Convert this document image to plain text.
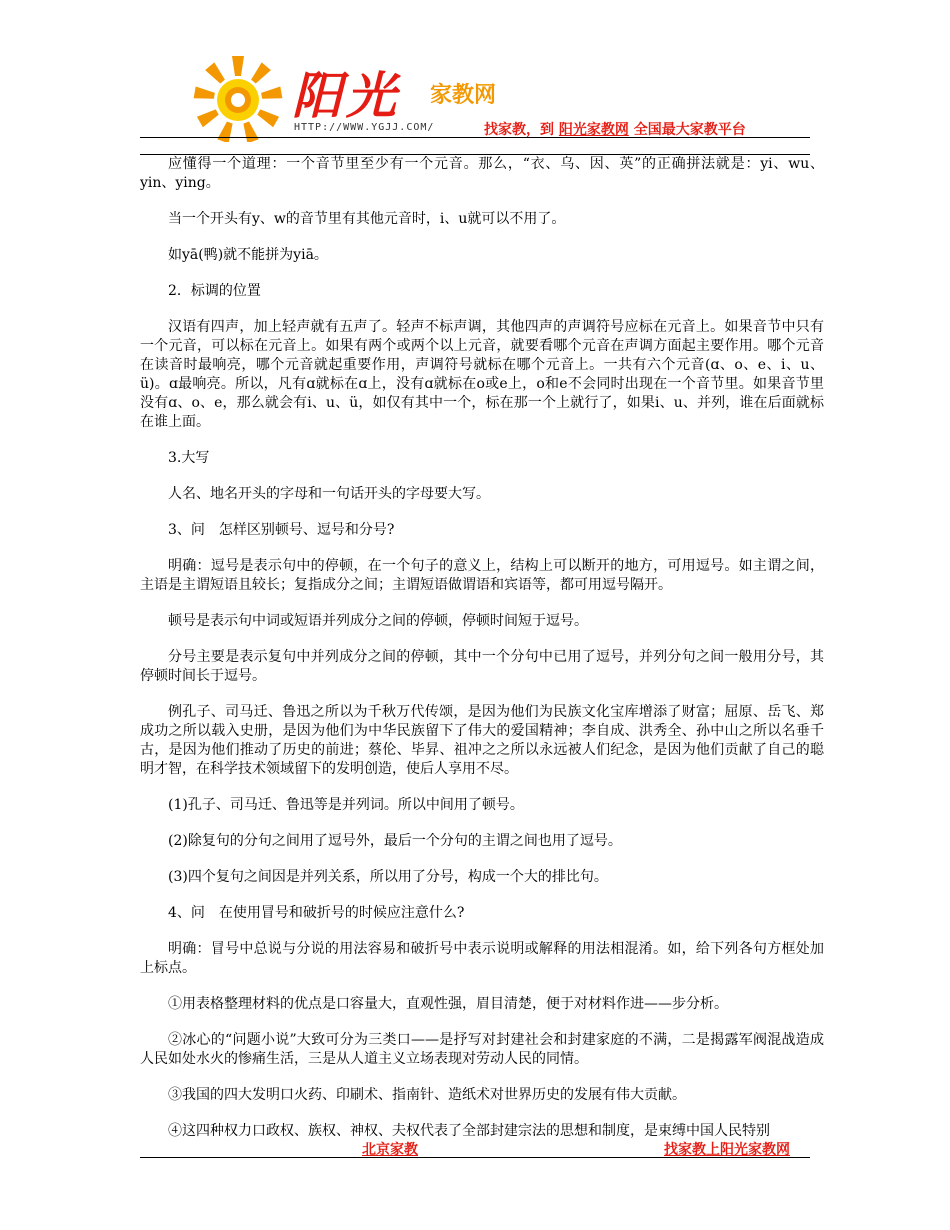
阳光 家教网
HTTP://WWW.YGJJ.COM/	找家教，到 阳光家教网 全国最大家教平台

应懂得一个道理：一个音节里至少有一个元音。那么，“衣、乌、因、英”的正确拼法就是：yi、wu、yin、ying。

当一个开头有y、w的音节里有其他元音时，i、u就可以不用了。

如yā(鸭)就不能拼为yiā。

2．标调的位置

汉语有四声，加上轻声就有五声了。轻声不标声调，其他四声的声调符号应标在元音上。如果音节中只有一个元音，可以标在元音上。如果有两个或两个以上元音，就要看哪个元音在声调方面起主要作用。哪个元音在读音时最响亮，哪个元音就起重要作用，声调符号就标在哪个元音上。一共有六个元音(ɑ、o、e、i、u、ü)。ɑ最响亮。所以，凡有ɑ就标在ɑ上，没有ɑ就标在o或e上，o和e不会同时出现在一个音节里。如果音节里没有ɑ、o、e，那么就会有i、u、ü，如仅有其中一个，标在那一个上就行了，如果i、u、并列，谁在后面就标在谁上面。

3.大写

人名、地名开头的字母和一句话开头的字母要大写。

3、问　怎样区别顿号、逗号和分号?

明确：逗号是表示句中的停顿，在一个句子的意义上，结构上可以断开的地方，可用逗号。如主谓之间，主语是主谓短语且较长；复指成分之间；主谓短语做谓语和宾语等，都可用逗号隔开。

顿号是表示句中词或短语并列成分之间的停顿，停顿时间短于逗号。

分号主要是表示复句中并列成分之间的停顿，其中一个分句中已用了逗号，并列分句之间一般用分号，其停顿时间长于逗号。

例孔子、司马迁、鲁迅之所以为千秋万代传颂，是因为他们为民族文化宝库增添了财富；屈原、岳飞、郑成功之所以载入史册，是因为他们为中华民族留下了伟大的爱国精神；李自成、洪秀全、孙中山之所以名垂千古，是因为他们推动了历史的前进；蔡伦、毕昇、祖冲之之所以永远被人们纪念，是因为他们贡献了自己的聪明才智，在科学技术领域留下的发明创造，使后人享用不尽。

(1)孔子、司马迁、鲁迅等是并列词。所以中间用了顿号。

(2)除复句的分句之间用了逗号外，最后一个分句的主谓之间也用了逗号。

(3)四个复句之间因是并列关系，所以用了分号，构成一个大的排比句。

4、问　在使用冒号和破折号的时候应注意什么?

明确：冒号中总说与分说的用法容易和破折号中表示说明或解释的用法相混淆。如，给下列各句方框处加上标点。

①用表格整理材料的优点是口容量大，直观性强，眉目清楚，便于对材料作进——步分析。

②冰心的“问题小说”大致可分为三类口——是抒写对封建社会和封建家庭的不满，二是揭露军阀混战造成人民如处水火的惨痛生活，三是从人道主义立场表现对劳动人民的同情。

③我国的四大发明口火药、印刷术、指南针、造纸术对世界历史的发展有伟大贡献。

④这四种权力口政权、族权、神权、夫权代表了全部封建宗法的思想和制度，是束缚中国人民特别

北京家教	找家教上阳光家教网
